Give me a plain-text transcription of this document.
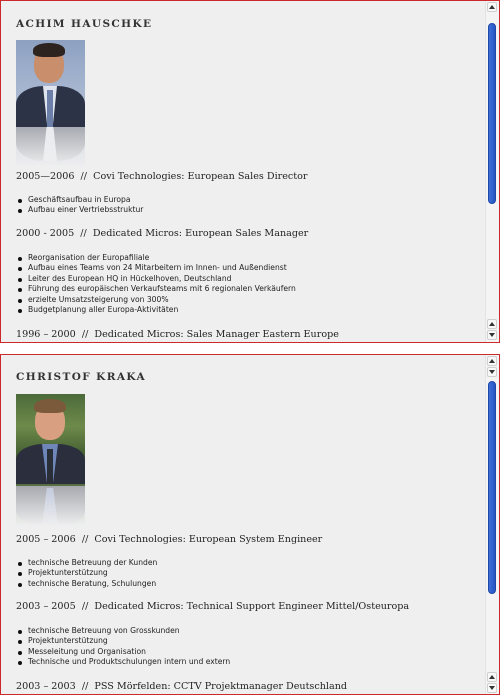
ACHIM HAUSCHKE

2005—2006 // Covi Technologies: European Sales Director

Geschäftsaufbau in Europa
Aufbau einer Vertriebsstruktur

2000 - 2005 // Dedicated Micros: European Sales Manager

Reorganisation der Europafiliale
Aufbau eines Teams von 24 Mitarbeitern im Innen- und Außendienst
Leiter des European HQ in Hückelhoven, Deutschland
Führung des europäischen Verkaufsteams mit 6 regionalen Verkäufern
erzielte Umsatzsteigerung von 300%
Budgetplanung aller Europa-Aktivitäten

1996 – 2000 // Dedicated Micros: Sales Manager Eastern Europe

CHRISTOF KRAKA

2005 – 2006 // Covi Technologies: European System Engineer

technische Betreuung der Kunden
Projektunterstützung
technische Beratung, Schulungen

2003 – 2005 // Dedicated Micros: Technical Support Engineer Mittel/Osteuropa

technische Betreuung von Grosskunden
Projektunterstützung
Messeleitung und Organisation
Technische und Produktschulungen intern und extern

2003 – 2003 // PSS Mörfelden: CCTV Projektmanager Deutschland
